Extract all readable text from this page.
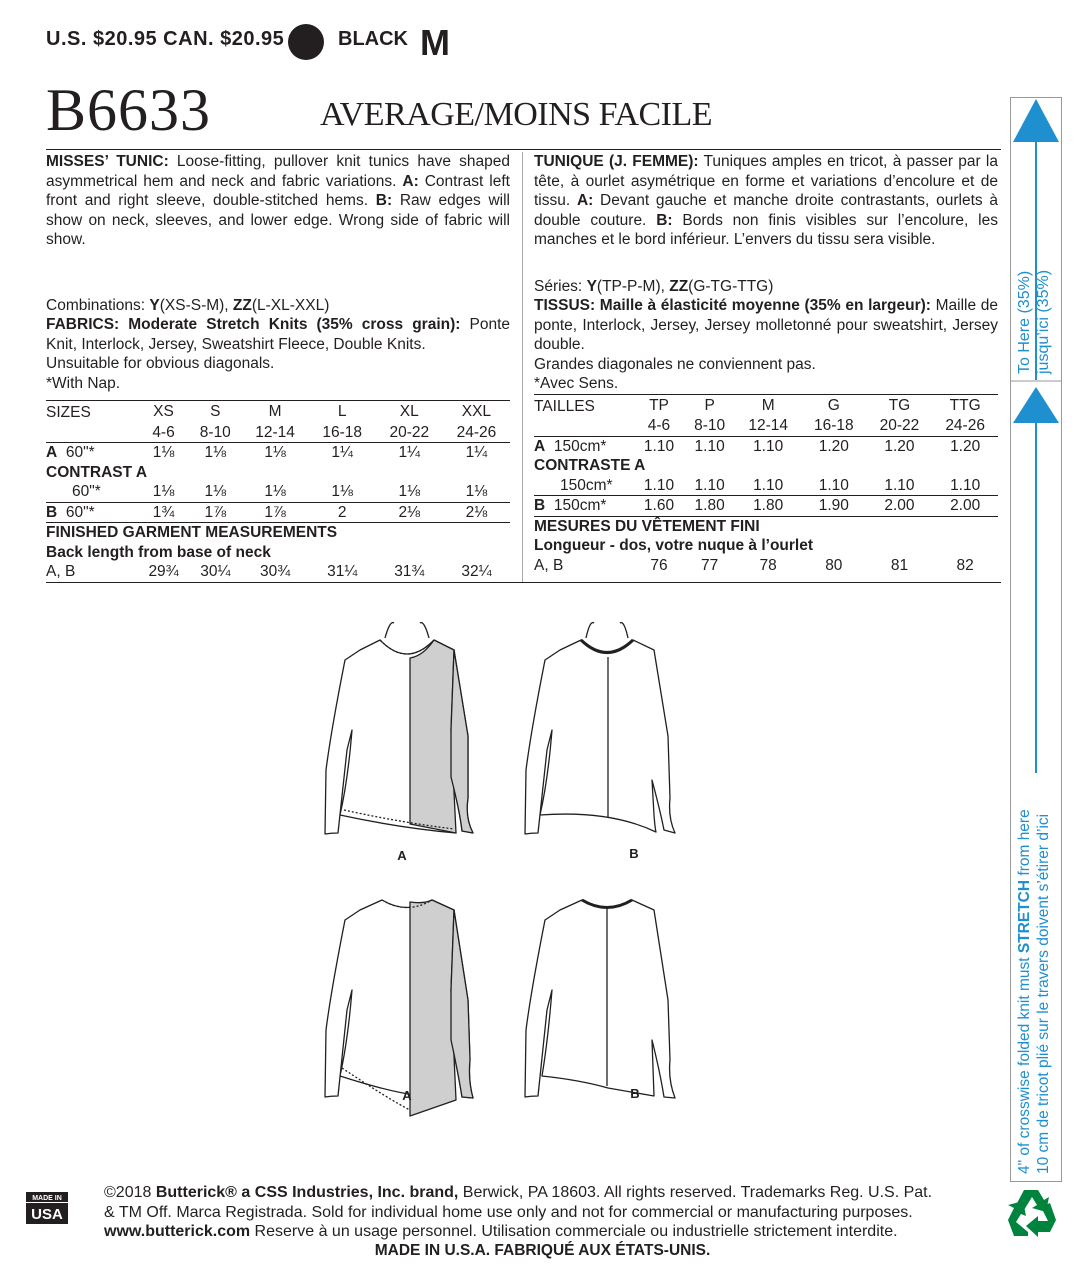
U.S. $20.95 CAN. $20.95	BLACK M
B6633	AVERAGE/MOINS FACILE

MISSES’ TUNIC: Loose-fitting, pullover knit tunics have shaped asymmetrical hem and neck and fabric variations. A: Contrast left front and right sleeve, double-stitched hems. B: Raw edges will show on neck, sleeves, and lower edge. Wrong side of fabric will show.

Combinations: Y(XS-S-M), ZZ(L-XL-XXL)

FABRICS: Moderate Stretch Knits (35% cross grain): Ponte Knit, Interlock, Jersey, Sweatshirt Fleece, Double Knits.

Unsuitable for obvious diagonals.

*With Nap.

SIZES	XS	S	M	L	XL	XXL
	4-6	8-10	12-14	16-18	20-22	24-26
A 60"*	1⅛	1⅛	1⅛	1¼	1¼	1¼
CONTRAST A						
60"*	1⅛	1⅛	1⅛	1⅛	1⅛	1⅛
B 60"*	1¾	1⅞	1⅞	2	2⅛	2⅛
FINISHED GARMENT MEASUREMENTS						
Back length from base of neck						
A, B	29¾	30¼	30¾	31¼	31¾	32¼

TUNIQUE (J. FEMME): Tuniques amples en tricot, à passer par la tête, à ourlet asymétrique en forme et variations d’encolure et de tissu. A: Devant gauche et manche droite contrastants, ourlets à double couture. B: Bords non finis visibles sur l’encolure, les manches et le bord inférieur. L’envers du tissu sera visible.

Séries: Y(TP-P-M), ZZ(G-TG-TTG)

TISSUS: Maille à élasticité moyenne (35% en largeur): Maille de ponte, Interlock, Jersey, Jersey molletonné pour sweatshirt, Jersey double.

Grandes diagonales ne conviennent pas.

*Avec Sens.

TAILLES	TP	P	M	G	TG	TTG
	4-6	8-10	12-14	16-18	20-22	24-26
A 150cm*	1.10	1.10	1.10	1.20	1.20	1.20
CONTRASTE A						
150cm*	1.10	1.10	1.10	1.10	1.10	1.10
B 150cm*	1.60	1.80	1.80	1.90	2.00	2.00
MESURES DU VÊTEMENT FINI						
Longueur - dos, votre nuque à l’ourlet						
A, B	76	77	78	80	81	82
A	B
A	B
To Here (35%) jusqu’ici (35%)
4" of crosswise folded knit must STRETCH from here 10 cm de tricot plié sur le travers doivent s’étirer d’ici
MADE IN
USA

©2018 Butterick® a CSS Industries, Inc. brand, Berwick, PA 18603. All rights reserved. Trademarks Reg. U.S. Pat.

& TM Off. Marca Registrada. Sold for individual home use only and not for commercial or manufacturing purposes.

www.butterick.com Reserve à un usage personnel. Utilisation commerciale ou industrielle strictement interdite.

MADE IN U.S.A. FABRIQUÉ AUX ÉTATS-UNIS.
